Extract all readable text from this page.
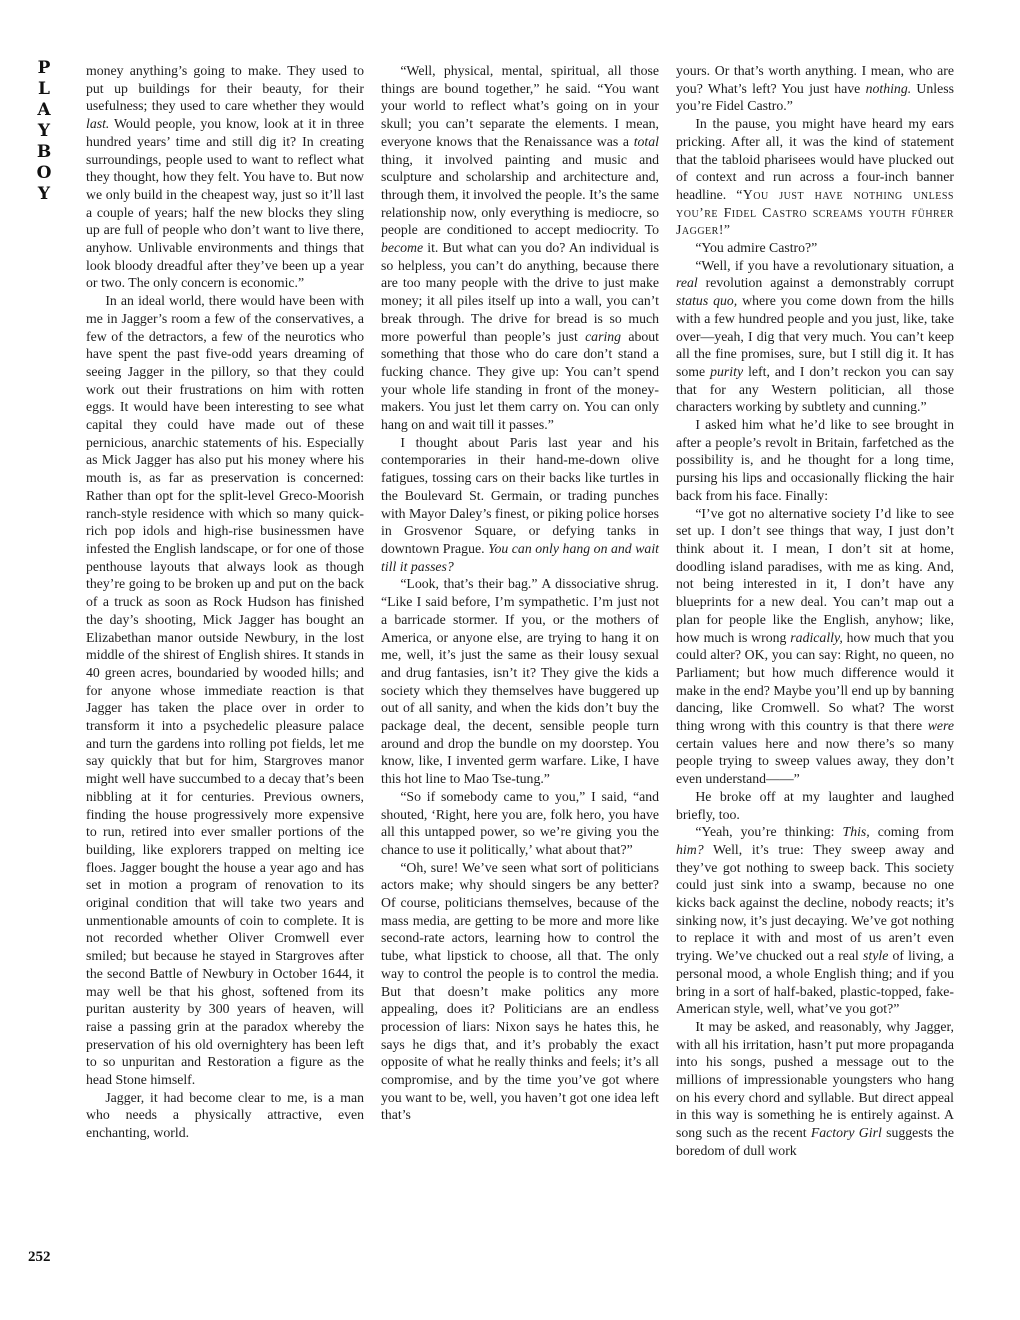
P
L
A
Y
B
O
Y

money anything’s going to make. They used to put up buildings for their beauty, for their usefulness; they used to care whether they would last. Would people, you know, look at it in three hundred years’ time and still dig it? In creating surroundings, people used to want to reflect what they thought, how they felt. You have to. But now we only build in the cheapest way, just so it’ll last a couple of years; half the new blocks they sling up are full of people who don’t want to live there, anyhow. Unlivable environments and things that look bloody dreadful after they’ve been up a year or two. The only concern is economic.”

In an ideal world, there would have been with me in Jagger’s room a few of the conservatives, a few of the detractors, a few of the neurotics who have spent the past five-odd years dreaming of seeing Jagger in the pillory, so that they could work out their frustrations on him with rotten eggs. It would have been interesting to see what capital they could have made out of these pernicious, anarchic statements of his. Especially as Mick Jagger has also put his money where his mouth is, as far as preservation is concerned: Rather than opt for the split-level Greco-Moorish ranch-style residence with which so many quick-rich pop idols and high-rise businessmen have infested the English landscape, or for one of those penthouse layouts that always look as though they’re going to be broken up and put on the back of a truck as soon as Rock Hudson has finished the day’s shooting, Mick Jagger has bought an Elizabethan manor outside Newbury, in the lost middle of the shirest of English shires. It stands in 40 green acres, boundaried by wooded hills; and for anyone whose immediate reaction is that Jagger has taken the place over in order to transform it into a psychedelic pleasure palace and turn the gardens into rolling pot fields, let me say quickly that but for him, Stargroves manor might well have succumbed to a decay that’s been nibbling at it for centuries. Previous owners, finding the house progressively more expensive to run, retired into ever smaller portions of the building, like explorers trapped on melting ice floes. Jagger bought the house a year ago and has set in motion a program of renovation to its original condition that will take two years and unmentionable amounts of coin to complete. It is not recorded whether Oliver Cromwell ever smiled; but because he stayed in Stargroves after the second Battle of Newbury in October 1644, it may well be that his ghost, softened from its puritan austerity by 300 years of heaven, will raise a passing grin at the paradox whereby the preservation of his old overnightery has been left to so unpuritan and Restoration a figure as the head Stone himself.

Jagger, it had become clear to me, is a man who needs a physically attractive, even enchanting, world.

“Well, physical, mental, spiritual, all those things are bound together,” he said. “You want your world to reflect what’s going on in your skull; you can’t separate the elements. I mean, everyone knows that the Renaissance was a total thing, it involved painting and music and sculpture and scholarship and architecture and, through them, it involved the people. It’s the same relationship now, only everything is mediocre, so people are conditioned to accept mediocrity. To become it. But what can you do? An individual is so helpless, you can’t do anything, because there are too many people with the drive to just make money; it all piles itself up into a wall, you can’t break through. The drive for bread is so much more powerful than people’s just caring about something that those who do care don’t stand a fucking chance. They give up: You can’t spend your whole life standing in front of the money-makers. You just let them carry on. You can only hang on and wait till it passes.”

I thought about Paris last year and his contemporaries in their hand-me-down olive fatigues, tossing cars on their backs like turtles in the Boulevard St. Germain, or trading punches with Mayor Daley’s finest, or piking police horses in Grosvenor Square, or defying tanks in downtown Prague. You can only hang on and wait till it passes?

“Look, that’s their bag.” A dissociative shrug. “Like I said before, I’m sympathetic. I’m just not a barricade stormer. If you, or the mothers of America, or anyone else, are trying to hang it on me, well, it’s just the same as their lousy sexual and drug fantasies, isn’t it? They give the kids a society which they themselves have buggered up out of all sanity, and when the kids don’t buy the package deal, the decent, sensible people turn around and drop the bundle on my doorstep. You know, like, I invented germ warfare. Like, I have this hot line to Mao Tse-tung.”

“So if somebody came to you,” I said, “and shouted, ‘Right, here you are, folk hero, you have all this untapped power, so we’re giving you the chance to use it politically,’ what about that?”

“Oh, sure! We’ve seen what sort of politicians actors make; why should singers be any better? Of course, politicians themselves, because of the mass media, are getting to be more and more like second-rate actors, learning how to control the tube, what lipstick to choose, all that. The only way to control the people is to control the media. But that doesn’t make politics any more appealing, does it? Politicians are an endless procession of liars: Nixon says he hates this, he says he digs that, and it’s probably the exact opposite of what he really thinks and feels; it’s all compromise, and by the time you’ve got where you want to be, well, you haven’t got one idea left that’s

yours. Or that’s worth anything. I mean, who are you? What’s left? You just have nothing. Unless you’re Fidel Castro.”

In the pause, you might have heard my ears pricking. After all, it was the kind of statement that the tabloid pharisees would have plucked out of context and run across a four-inch banner headline. “You just have nothing unless you’re Fidel Castro screams youth führer Jagger!”

“You admire Castro?”

“Well, if you have a revolutionary situation, a real revolution against a demonstrably corrupt status quo, where you come down from the hills with a few hundred people and you just, like, take over—yeah, I dig that very much. You can’t keep all the fine promises, sure, but I still dig it. It has some purity left, and I don’t reckon you can say that for any Western politician, all those characters working by subtlety and cunning.”

I asked him what he’d like to see brought in after a people’s revolt in Britain, farfetched as the possibility is, and he thought for a long time, pursing his lips and occasionally flicking the hair back from his face. Finally:

“I’ve got no alternative society I’d like to see set up. I don’t see things that way, I just don’t think about it. I mean, I don’t sit at home, doodling island paradises, with me as king. And, not being interested in it, I don’t have any blueprints for a new deal. You can’t map out a plan for people like the English, anyhow; like, how much is wrong radically, how much that you could alter? OK, you can say: Right, no queen, no Parliament; but how much difference would it make in the end? Maybe you’ll end up by banning dancing, like Cromwell. So what? The worst thing wrong with this country is that there were certain values here and now there’s so many people trying to sweep values away, they don’t even understand——”

He broke off at my laughter and laughed briefly, too.

“Yeah, you’re thinking: This, coming from him? Well, it’s true: They sweep away and they’ve got nothing to sweep back. This society could just sink into a swamp, because no one kicks back against the decline, nobody reacts; it’s sinking now, it’s just decaying. We’ve got nothing to replace it with and most of us aren’t even trying. We’ve chucked out a real style of living, a personal mood, a whole English thing; and if you bring in a sort of half-baked, plastic-topped, fake-American style, well, what’ve you got?”

It may be asked, and reasonably, why Jagger, with all his irritation, hasn’t put more propaganda into his songs, pushed a message out to the millions of impressionable youngsters who hang on his every chord and syllable. But direct appeal in this way is something he is entirely against. A song such as the recent Factory Girl suggests the boredom of dull work

252
